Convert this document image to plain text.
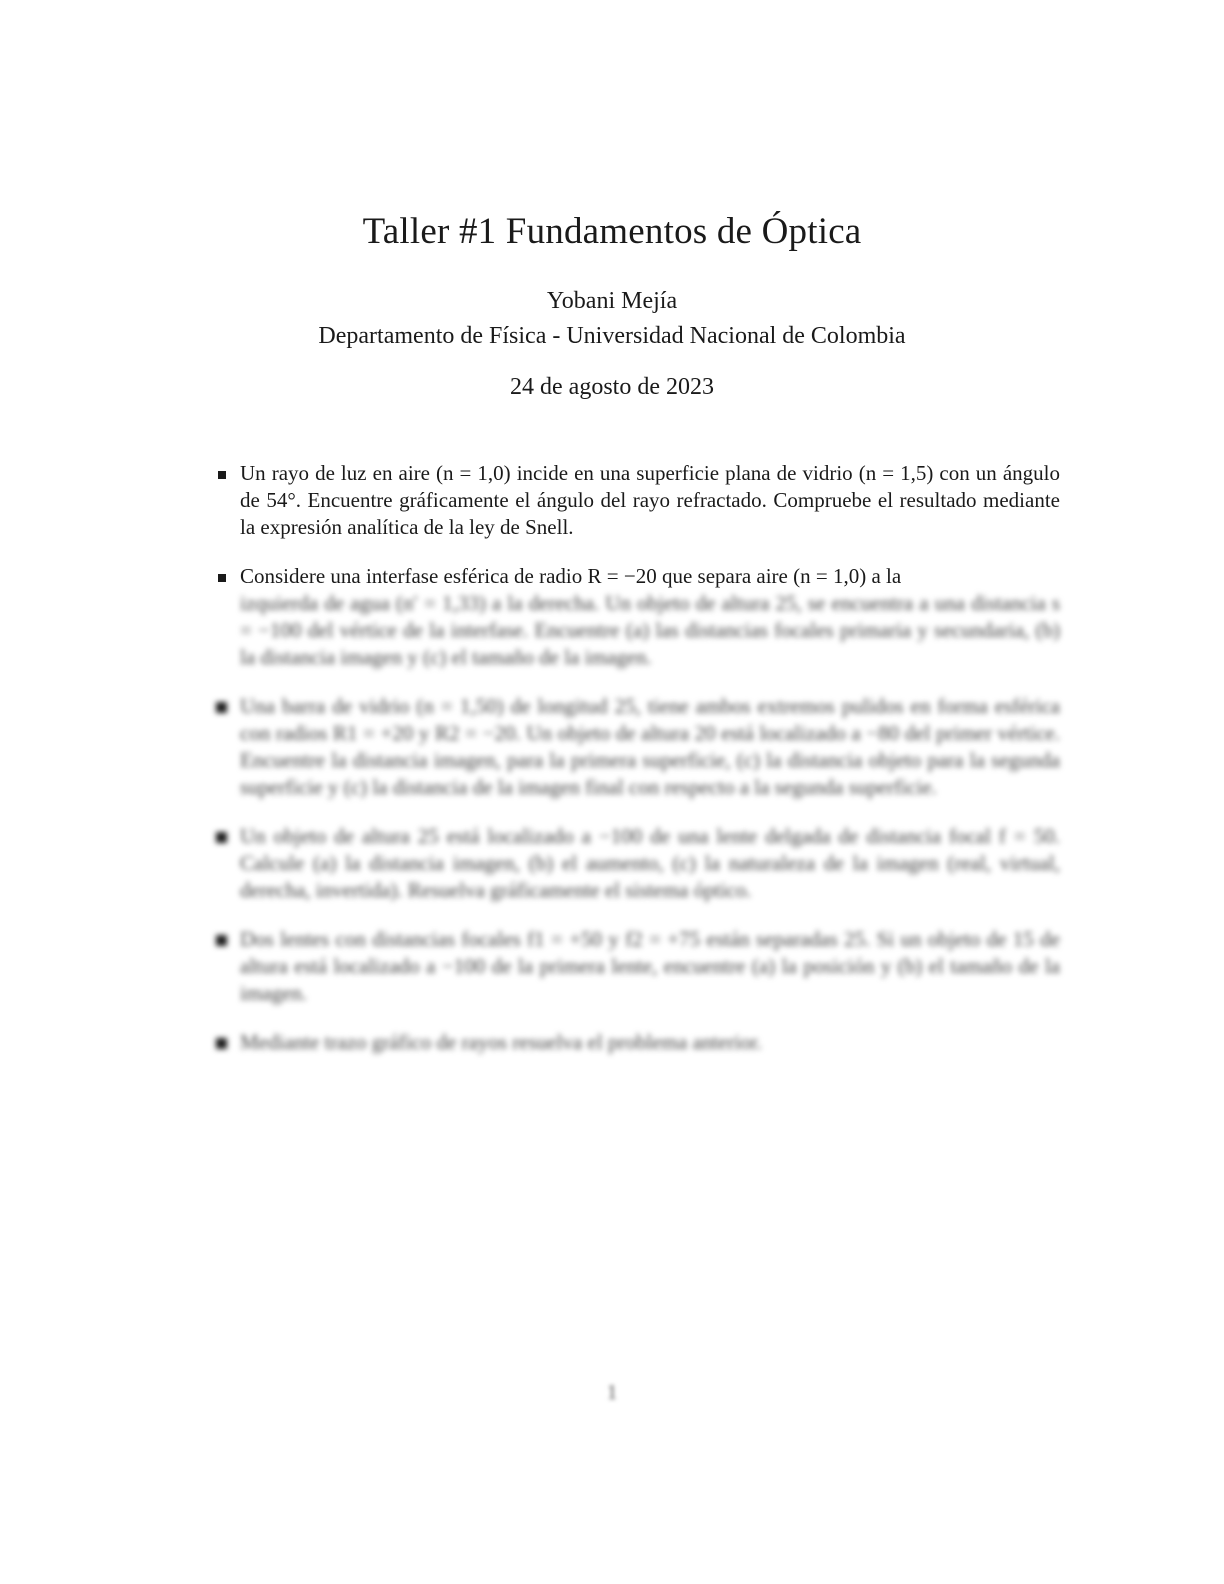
Taller #1 Fundamentos de Óptica
Yobani Mejía
Departamento de Física - Universidad Nacional de Colombia
24 de agosto de 2023
Un rayo de luz en aire (n = 1,0) incide en una superficie plana de vidrio (n = 1,5) con un ángulo de 54°. Encuentre gráficamente el ángulo del rayo refractado. Compruebe el resultado mediante la expresión analítica de la ley de Snell.
Considere una interfase esférica de radio R = −20 que separa aire (n = 1,0) a la
izquierda de agua (n′ = 1,33) a la derecha. Un objeto de altura 25, se encuentra a una distancia s = −100 del vértice de la interfase. Encuentre (a) las distancias focales primaria y secundaria, (b) la distancia imagen y (c) el tamaño de la imagen.
Una barra de vidrio (n = 1,50) de longitud 25, tiene ambos extremos pulidos en forma esférica con radios R1 = +20 y R2 = −20. Un objeto de altura 20 está localizado a −80 del primer vértice. Encuentre la distancia imagen, para la primera superficie, (c) la distancia objeto para la segunda superficie y (c) la distancia de la imagen final con respecto a la segunda superficie.
Un objeto de altura 25 está localizado a −100 de una lente delgada de distancia focal f = 50. Calcule (a) la distancia imagen, (b) el aumento, (c) la naturaleza de la imagen (real, virtual, derecha, invertida). Resuelva gráficamente el sistema óptico.
Dos lentes con distancias focales f1 = +50 y f2 = +75 están separadas 25. Si un objeto de 15 de altura está localizado a −100 de la primera lente, encuentre (a) la posición y (b) el tamaño de la imagen.
Mediante trazo gráfico de rayos resuelva el problema anterior.
1
